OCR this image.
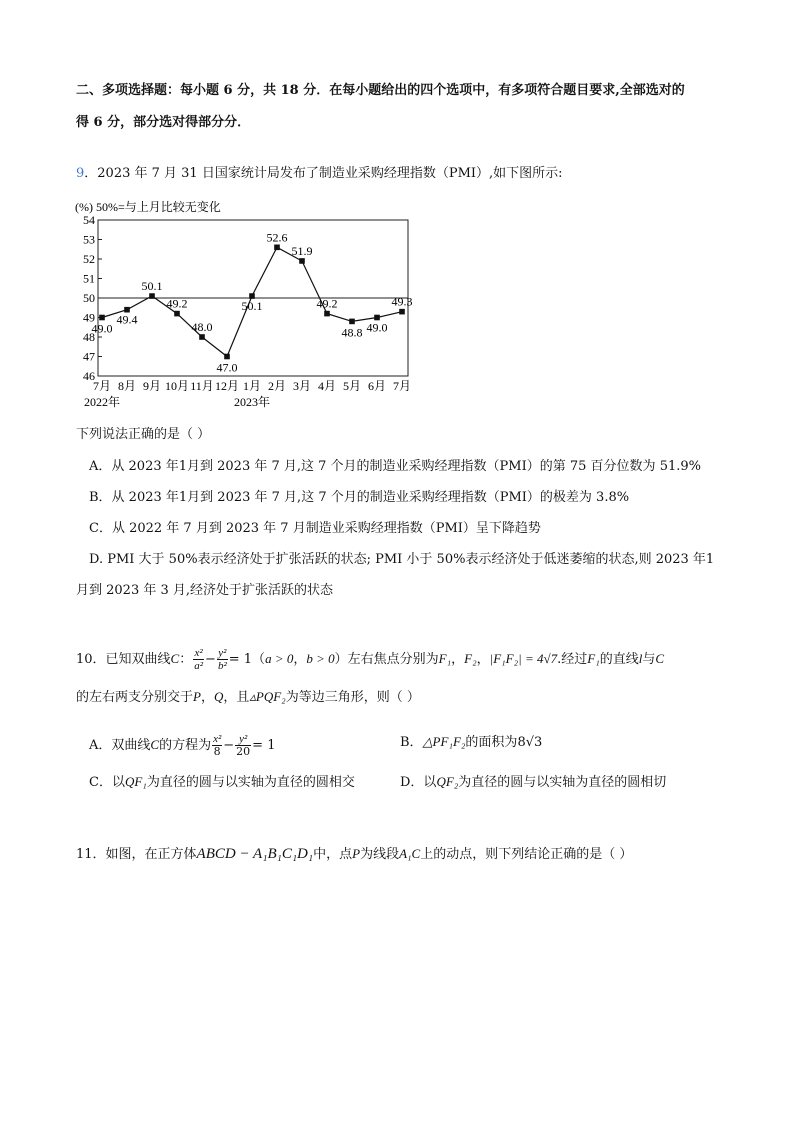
二、多项选择题：每小题 6 分，共 18 分．在每小题给出的四个选项中，有多项符合题目要求,全部选对的
得 6 分，部分选对得部分分．
9．2023 年 7 月 31 日国家统计局发布了制造业采购经理指数（PMI）,如下图所示:
(%) 50%=与上月比较无变化
46
47
48
49
50
51
52
53
54
49.0
49.4
50.1
49.2
48.0
47.0
50.1
52.6
51.9
49.2
48.8 49.0
49.3
7月 8月 9月 10月 11月 12月 1月 2月 3月 4月 5月 6月 7月
2022年	2023年
下列说法正确的是（ ）
A．从 2023 年1月到 2023 年 7 月,这 7 个月的制造业采购经理指数（PMI）的第 75 百分位数为 51.9%
B．从 2023 年1月到 2023 年 7 月,这 7 个月的制造业采购经理指数（PMI）的极差为 3.8%
C．从 2022 年 7 月到 2023 年 7 月制造业采购经理指数（PMI）呈下降趋势
D. PMI 大于 50%表示经济处于扩张活跃的状态; PMI 小于 50%表示经济处于低迷萎缩的状态,则 2023 年1
月到 2023 年 3 月,经济处于扩张活跃的状态
10．已知双曲线C： $\frac{\text{x²}}{\text{a²}} - \frac{\text{y²}}{\text{b²}} = 1(a > 0$，b > 0）左右焦点分别为F₁，F₂，|F₁F₂| = 4√7.经过F₁的直线l与C
的左右两支分别交于P，Q，且▵PQF₂为等边三角形，则（ ）
A．双曲线C的方程为 $\frac{\text{x²}}{8} - \frac{\text{y²}}{20} = 1$	B．△PF₁F₂的面积为8√3
C．以QF₁为直径的圆与以实轴为直径的圆相交	D．以QF₂为直径的圆与以实轴为直径的圆相切
11．如图，在正方体ABCD − A₁B₁C₁D₁中，点P为线段A₁C上的动点，则下列结论正确的是（ ）
